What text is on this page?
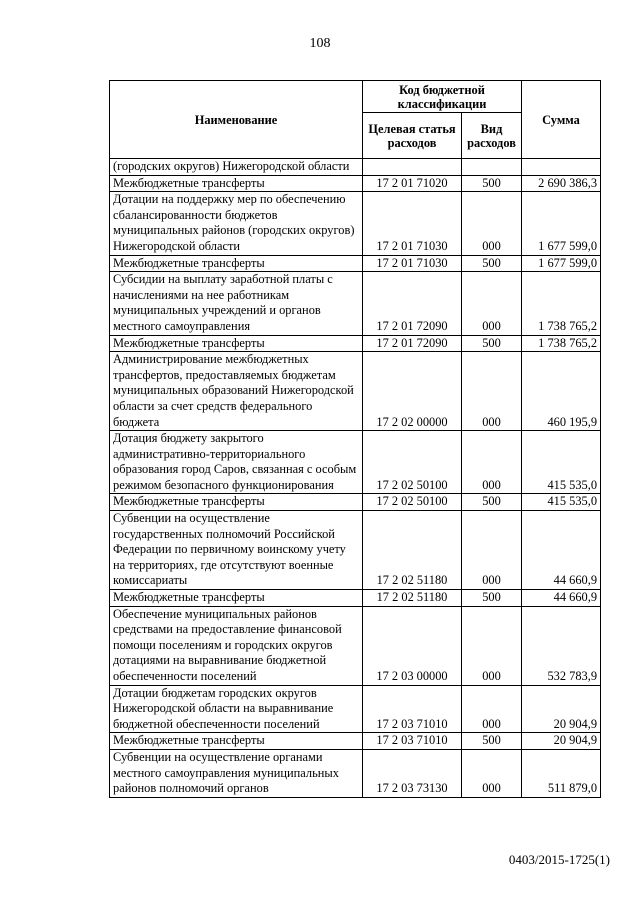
108
Наименование	Код бюджетной классификации		Сумма
	Целевая статья расходов	Вид расходов	
(городских округов) Нижегородской области			
Межбюджетные трансферты	17 2 01 71020	500	2 690 386,3
Дотации на поддержку мер по обеспечению сбалансированности бюджетов муниципальных районов (городских округов) Нижегородской области	17 2 01 71030	000	1 677 599,0
Межбюджетные трансферты	17 2 01 71030	500	1 677 599,0
Субсидии на выплату заработной платы с начислениями на нее работникам муниципальных учреждений и органов местного самоуправления	17 2 01 72090	000	1 738 765,2
Межбюджетные трансферты	17 2 01 72090	500	1 738 765,2
Администрирование межбюджетных трансфертов, предоставляемых бюджетам муниципальных образований Нижегородской области за счет средств федерального бюджета	17 2 02 00000	000	460 195,9
Дотация бюджету закрытого административно-территориального образования город Саров, связанная с особым режимом безопасного функционирования	17 2 02 50100	000	415 535,0
Межбюджетные трансферты	17 2 02 50100	500	415 535,0
Субвенции на осуществление государственных полномочий Российской Федерации по первичному воинскому учету на территориях, где отсутствуют военные комиссариаты	17 2 02 51180	000	44 660,9
Межбюджетные трансферты	17 2 02 51180	500	44 660,9
Обеспечение муниципальных районов средствами на предоставление финансовой помощи поселениям и городских округов дотациями на выравнивание бюджетной обеспеченности поселений	17 2 03 00000	000	532 783,9
Дотации бюджетам городских округов Нижегородской области на выравнивание бюджетной обеспеченности поселений	17 2 03 71010	000	20 904,9
Межбюджетные трансферты	17 2 03 71010	500	20 904,9
Субвенции на осуществление органами местного самоуправления муниципальных районов полномочий органов	17 2 03 73130	000	511 879,0
0403/2015-1725(1)
